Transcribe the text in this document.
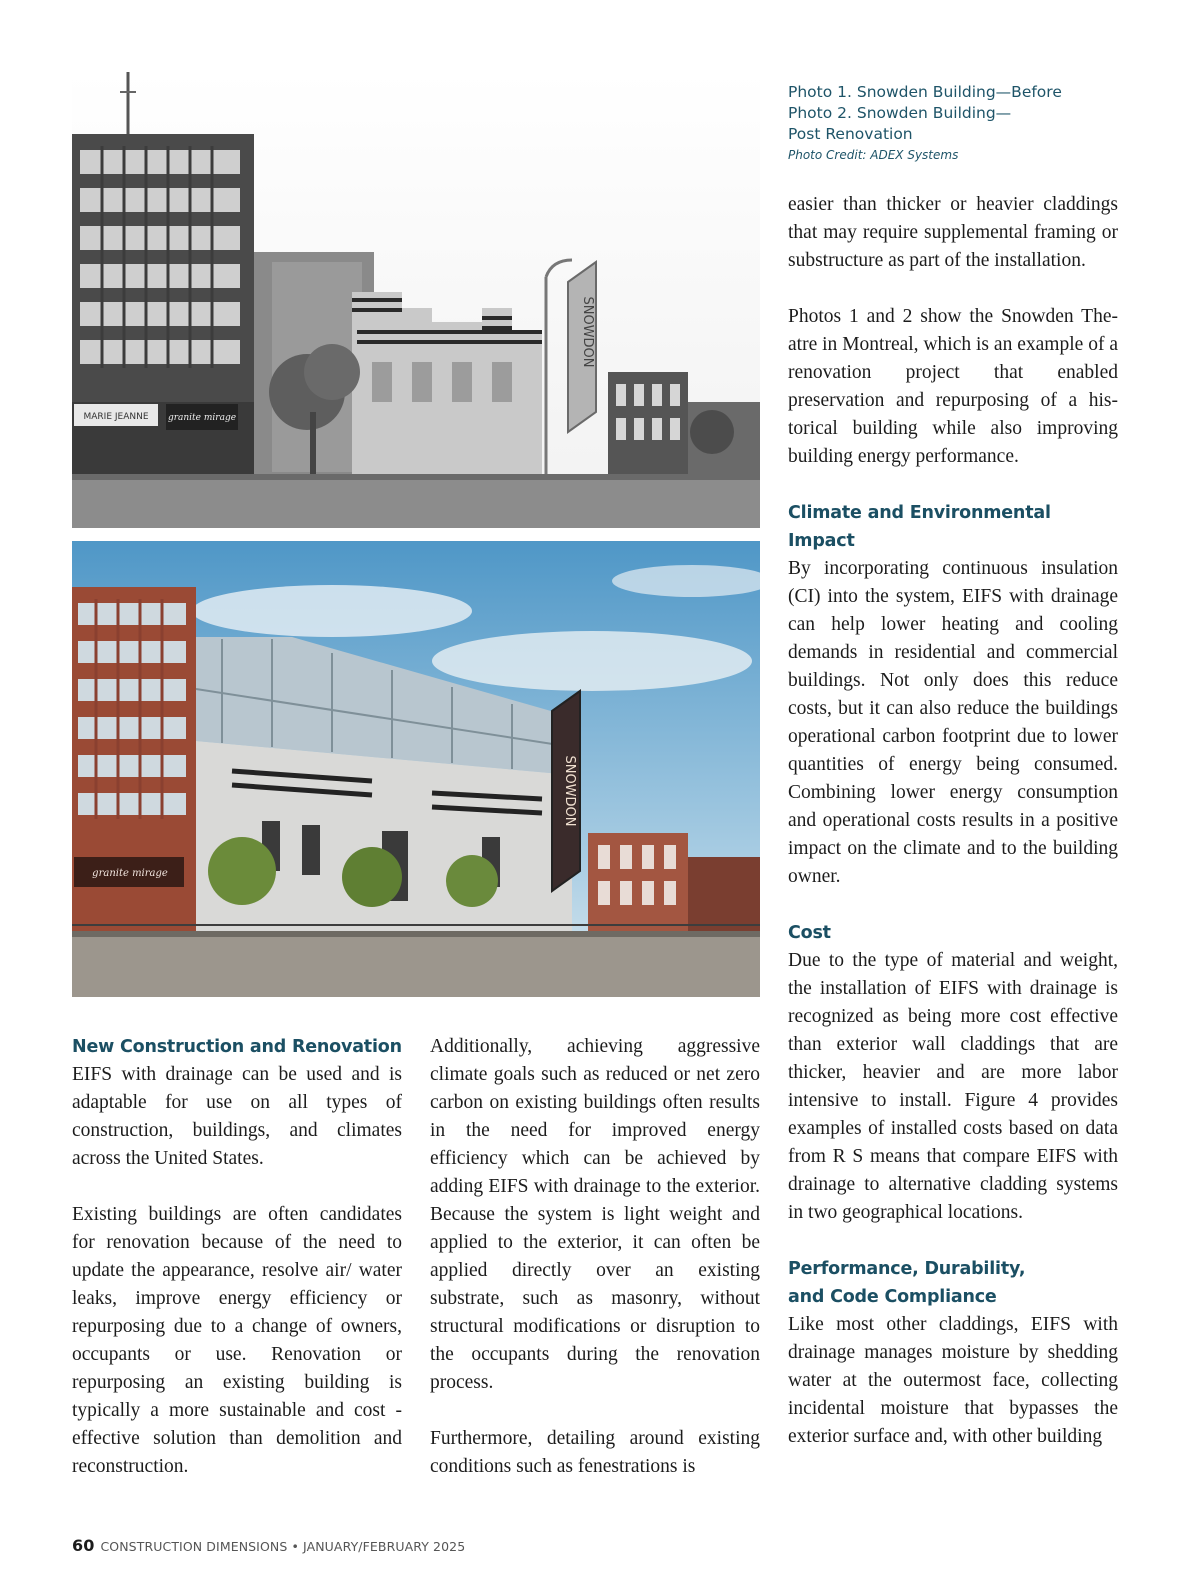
MARIE JEANNE granite mirage
SNOWDON
granite mirage
SNOWDON
Photo 1. Snowden Building—Before
Photo 2. Snowden Building—
Post Renovation
Photo Credit: ADEX Systems
New Construction and Renovation

EIFS with drainage can be used and is adaptable for use on all types of construction, buildings, and climates across the United States.

Existing buildings are often candidates for renovation because of the need to update the appearance, resolve air/ water leaks, improve energy efficiency or repurposing due to a change of owners, occupants or use. Renovation or repurposing an existing building is typically a more sustainable and cost -effective solution than demolition and reconstruction.

Additionally, achieving aggressive climate goals such as reduced or net zero carbon on existing buildings often results in the need for improved energy efficiency which can be achieved by adding EIFS with drainage to the exterior. Because the system is light weight and applied to the exterior, it can often be applied directly over an existing substrate, such as masonry, without structural modifications or disruption to the occupants during the renovation process.

Furthermore, detailing around existing conditions such as fenestrations is

easier than thicker or heavier claddings that may require supplemental framing or substructure as part of the installation.

Photos 1 and 2 show the Snowden Theatre in Montreal, which is an example of a renovation project that enabled preservation and repurposing of a historical building while also improving building energy performance.

Climate and Environmental Impact

By incorporating continuous insulation (CI) into the system, EIFS with drainage can help lower heating and cooling demands in residential and commercial buildings. Not only does this reduce costs, but it can also reduce the buildings operational carbon footprint due to lower quantities of energy being consumed. Combining lower energy consumption and operational costs results in a positive impact on the climate and to the building owner.

Cost

Due to the type of material and weight, the installation of EIFS with drainage is recognized as being more cost effective than exterior wall claddings that are thicker, heavier and are more labor intensive to install. Figure 4 provides examples of installed costs based on data from R S means that compare EIFS with drainage to alternative cladding systems in two geographical locations.

Performance, Durability,
and Code Compliance

Like most other claddings, EIFS with drainage manages moisture by shedding water at the outermost face, collecting incidental moisture that bypasses the exterior surface and, with other building

60 CONSTRUCTION DIMENSIONS • JANUARY/FEBRUARY 2025
